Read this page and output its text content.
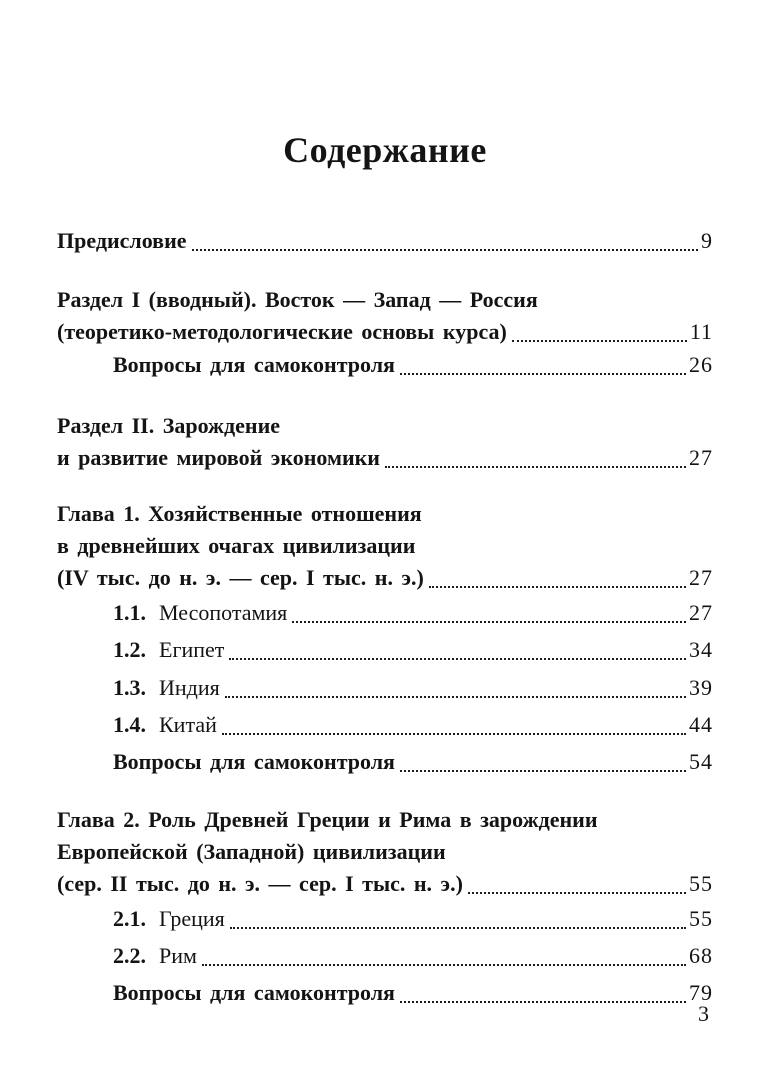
Содержание
Предисловие	9
Раздел I (вводный). Восток — Запад — Россия
(теоретико-методологические основы курса)	11
Вопросы для самоконтроля	26
Раздел II. Зарождение
и развитие мировой экономики	27
Глава 1. Хозяйственные отношения
в древнейших очагах цивилизации
(IV тыс. до н. э. — сер. I тыс. н. э.)	27
1.1. Месопотамия	27
1.2. Египет	34
1.3. Индия	39
1.4. Китай	44
Вопросы для самоконтроля	54
Глава 2. Роль Древней Греции и Рима в зарождении
Европейской (Западной) цивилизации
(сер. II тыс. до н. э. — сер. I тыс. н. э.)	55
2.1. Греция	55
2.2. Рим	68
Вопросы для самоконтроля	79
3
